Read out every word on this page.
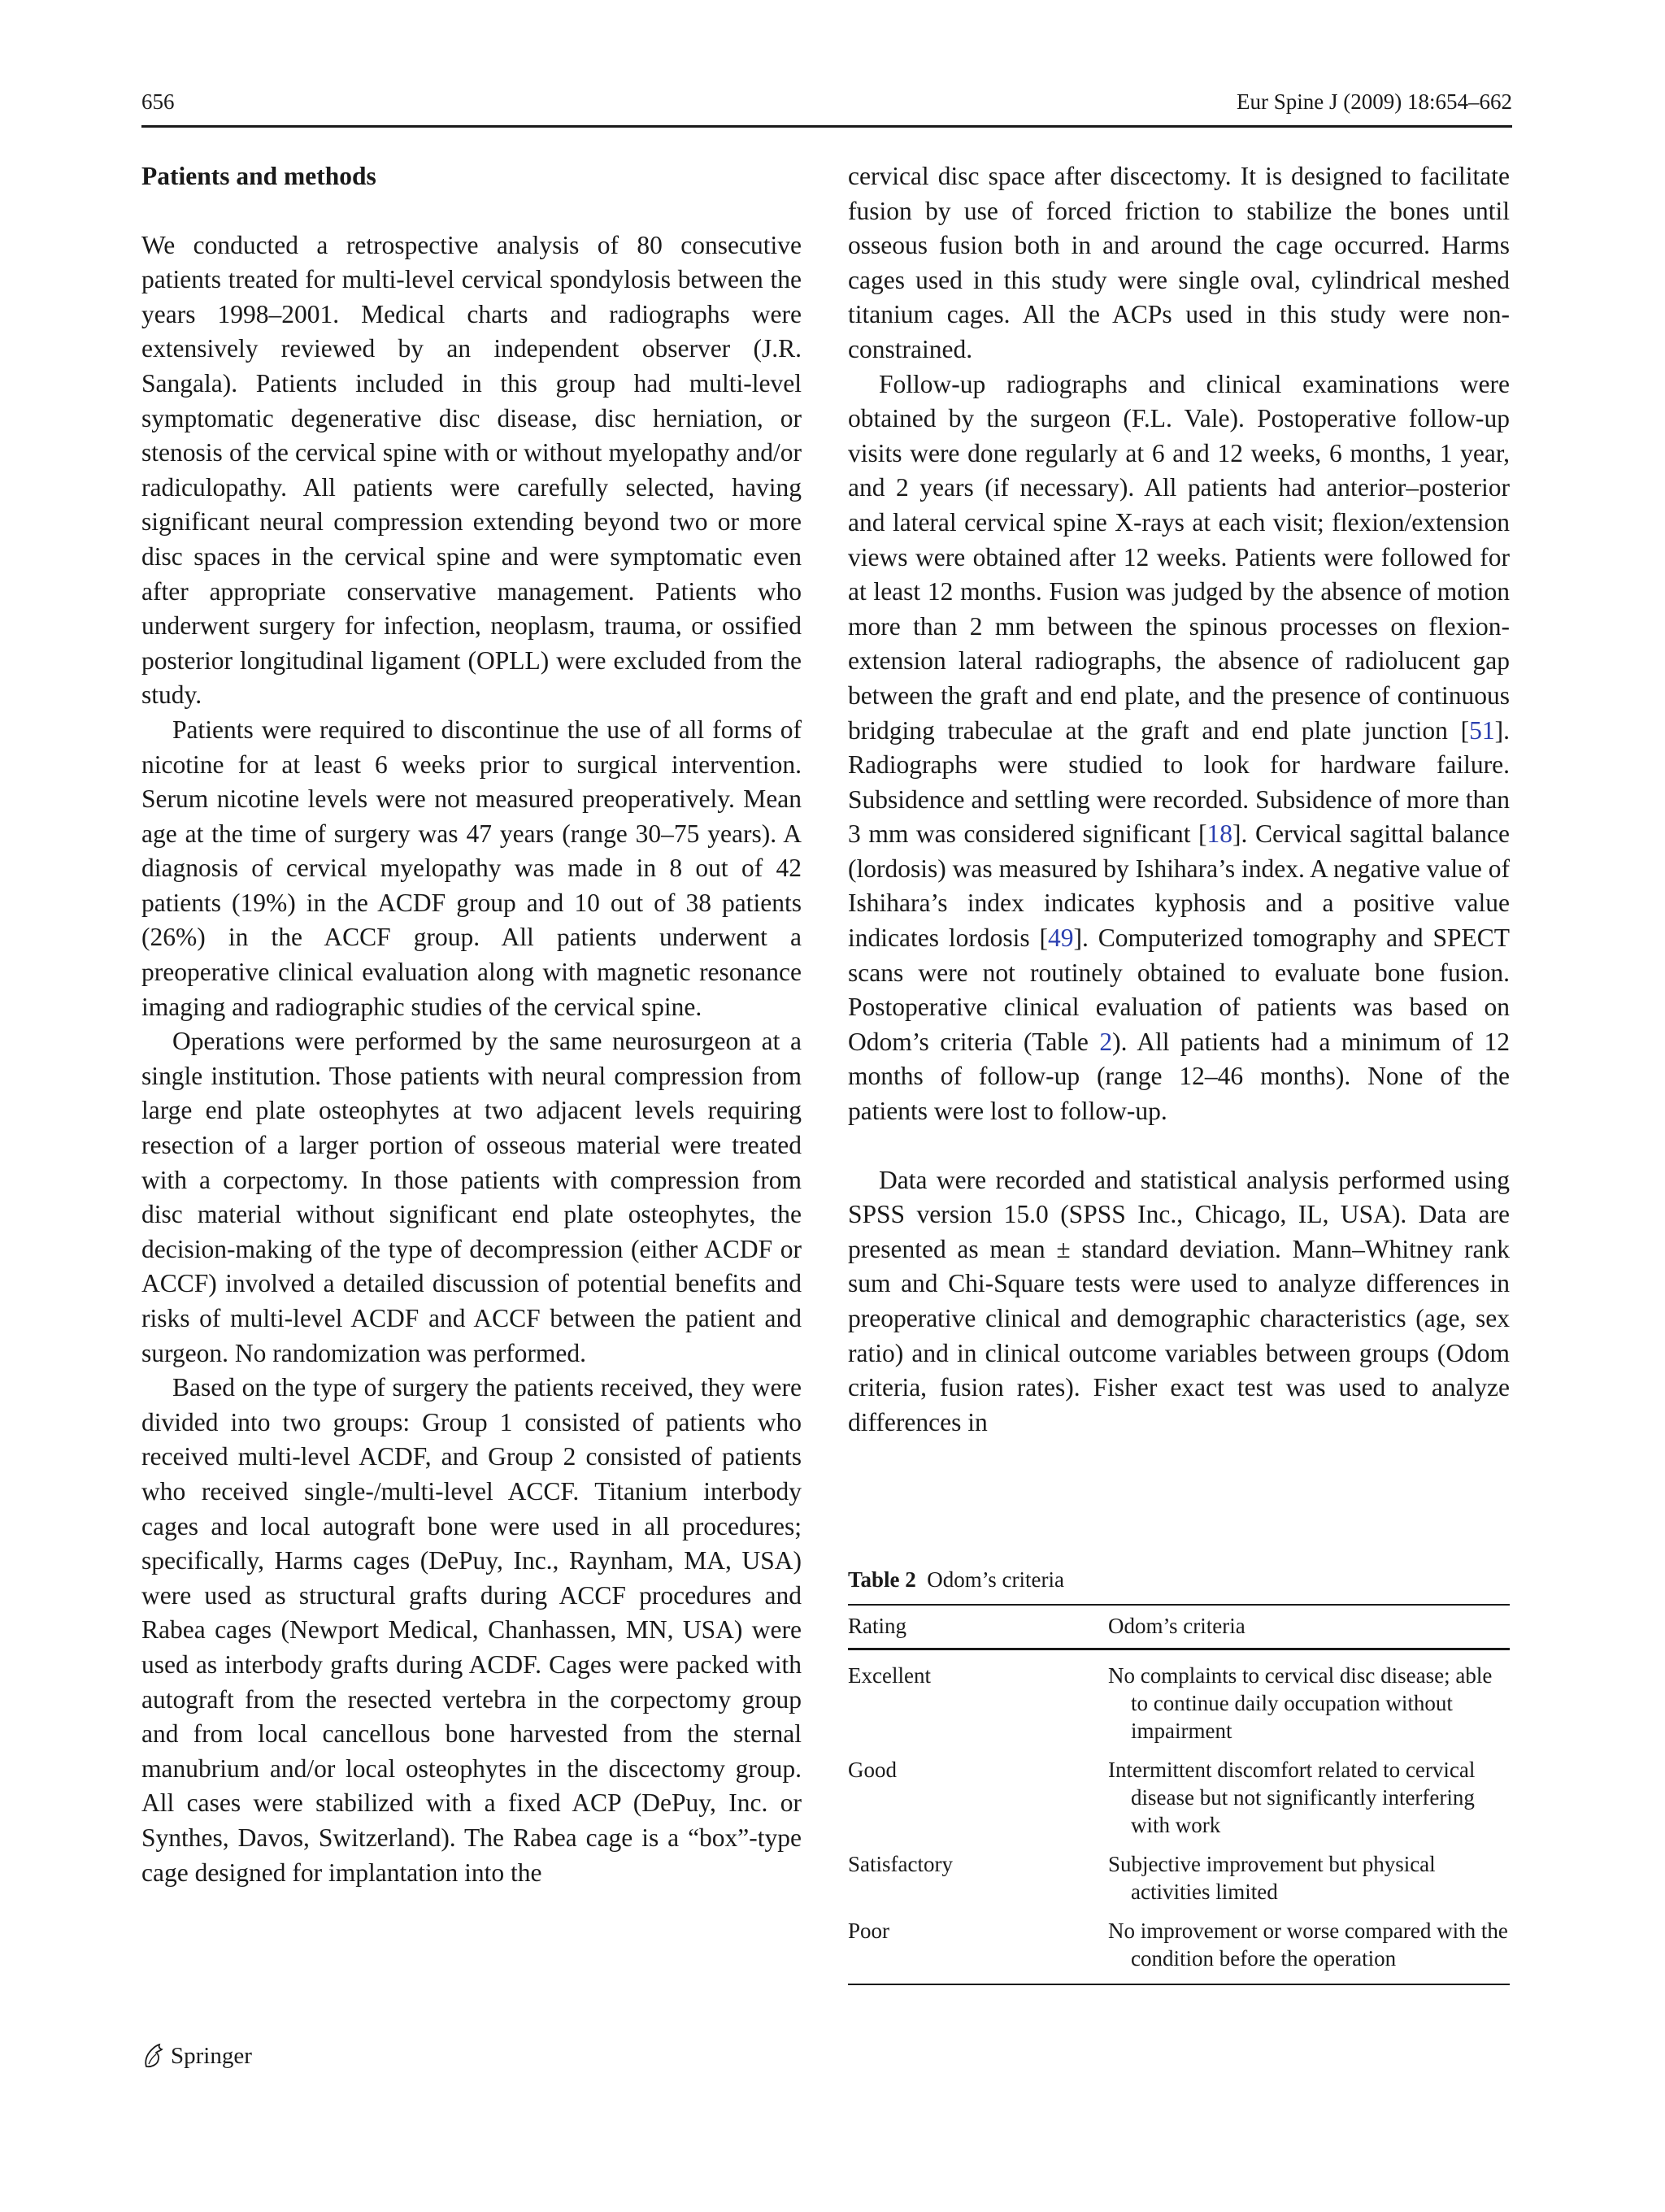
656	Eur Spine J (2009) 18:654–662
Patients and methods

We conducted a retrospective analysis of 80 consecutive patients treated for multi-level cervical spondylosis between the years 1998–2001. Medical charts and radiographs were extensively reviewed by an independent observer (J.R. Sangala). Patients included in this group had multi-level symptomatic degenerative disc disease, disc herniation, or stenosis of the cervical spine with or without myelopathy and/or radiculopathy. All patients were carefully selected, having significant neural compression extending beyond two or more disc spaces in the cervical spine and were symptomatic even after appropriate conservative management. Patients who underwent surgery for infection, neoplasm, trauma, or ossified posterior longitudinal ligament (OPLL) were excluded from the study.

Patients were required to discontinue the use of all forms of nicotine for at least 6 weeks prior to surgical intervention. Serum nicotine levels were not measured preoperatively. Mean age at the time of surgery was 47 years (range 30–75 years). A diagnosis of cervical myelopathy was made in 8 out of 42 patients (19%) in the ACDF group and 10 out of 38 patients (26%) in the ACCF group. All patients underwent a preoperative clinical evaluation along with magnetic resonance imaging and radiographic studies of the cervical spine.

Operations were performed by the same neurosurgeon at a single institution. Those patients with neural compression from large end plate osteophytes at two adjacent levels requiring resection of a larger portion of osseous material were treated with a corpectomy. In those patients with compression from disc material without significant end plate osteophytes, the decision-making of the type of decompression (either ACDF or ACCF) involved a detailed discussion of potential benefits and risks of multi-level ACDF and ACCF between the patient and surgeon. No randomization was performed.

Based on the type of surgery the patients received, they were divided into two groups: Group 1 consisted of patients who received multi-level ACDF, and Group 2 consisted of patients who received single-/multi-level ACCF. Titanium interbody cages and local autograft bone were used in all procedures; specifically, Harms cages (DePuy, Inc., Raynham, MA, USA) were used as structural grafts during ACCF procedures and Rabea cages (Newport Medical, Chanhassen, MN, USA) were used as interbody grafts during ACDF. Cages were packed with autograft from the resected vertebra in the corpectomy group and from local cancellous bone harvested from the sternal manubrium and/or local osteophytes in the discectomy group. All cases were stabilized with a fixed ACP (DePuy, Inc. or Synthes, Davos, Switzerland). The Rabea cage is a “box”-type cage designed for implantation into the

cervical disc space after discectomy. It is designed to facilitate fusion by use of forced friction to stabilize the bones until osseous fusion both in and around the cage occurred. Harms cages used in this study were single oval, cylindrical meshed titanium cages. All the ACPs used in this study were non-constrained.

Follow-up radiographs and clinical examinations were obtained by the surgeon (F.L. Vale). Postoperative follow-up visits were done regularly at 6 and 12 weeks, 6 months, 1 year, and 2 years (if necessary). All patients had anterior–posterior and lateral cervical spine X-rays at each visit; flexion/extension views were obtained after 12 weeks. Patients were followed for at least 12 months. Fusion was judged by the absence of motion more than 2 mm between the spinous processes on flexion-extension lateral radiographs, the absence of radiolucent gap between the graft and end plate, and the presence of continuous bridging trabeculae at the graft and end plate junction [51]. Radiographs were studied to look for hardware failure. Subsidence and settling were recorded. Subsidence of more than 3 mm was considered significant [18]. Cervical sagittal balance (lordosis) was measured by Ishihara’s index. A negative value of Ishihara’s index indicates kyphosis and a positive value indicates lordosis [49]. Computerized tomography and SPECT scans were not routinely obtained to evaluate bone fusion. Postoperative clinical evaluation of patients was based on Odom’s criteria (Table 2). All patients had a minimum of 12 months of follow-up (range 12–46 months). None of the patients were lost to follow-up.

Data were recorded and statistical analysis performed using SPSS version 15.0 (SPSS Inc., Chicago, IL, USA). Data are presented as mean ± standard deviation. Mann–Whitney rank sum and Chi-Square tests were used to analyze differences in preoperative clinical and demographic characteristics (age, sex ratio) and in clinical outcome variables between groups (Odom criteria, fusion rates). Fisher exact test was used to analyze differences in

Table 2 Odom’s criteria

Rating	Odom’s criteria
Excellent	No complaints to cervical disc disease; able to continue daily occupation without impairment
Good	Intermittent discomfort related to cervical disease but not significantly interfering with work
Satisfactory	Subjective improvement but physical activities limited
Poor	No improvement or worse compared with the condition before the operation
Springer
